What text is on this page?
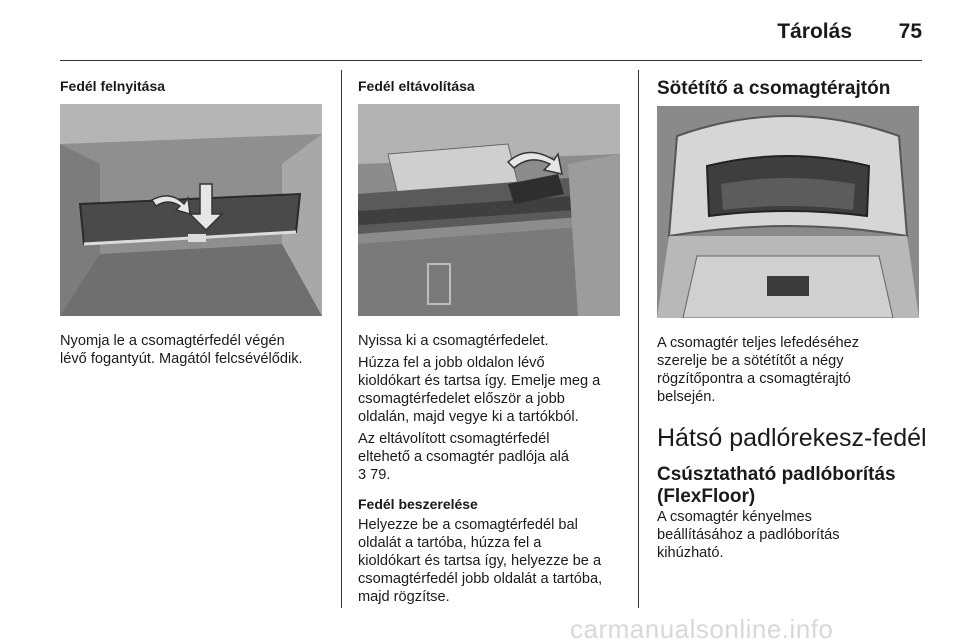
Tárolás	75
Fedél felnyitása
Nyomja le a csomagtérfedél végén
lévő fogantyút. Magától felcsévélődik.
Fedél eltávolítása
Nyissa ki a csomagtérfedelet.
Húzza fel a jobb oldalon lévő
kioldókart és tartsa így. Emelje meg a
csomagtérfedelet először a jobb
oldalán, majd vegye ki a tartókból.
Az eltávolított csomagtérfedél
eltehető a csomagtér padlója alá
3 79.
Fedél beszerelése
Helyezze be a csomagtérfedél bal
oldalát a tartóba, húzza fel a
kioldókart és tartsa így, helyezze be a
csomagtérfedél jobb oldalát a tartóba,
majd rögzítse.
Sötétítő a csomagtérajtón
A csomagtér teljes lefedéséhez
szerelje be a sötétítőt a négy
rögzítőpontra a csomagtérajtó
belsején.
Hátsó padlórekesz-fedél
Csúsztatható padlóborítás
(FlexFloor)
A csomagtér kényelmes
beállításához a padlóborítás
kihúzható.
carmanualsonline.info
